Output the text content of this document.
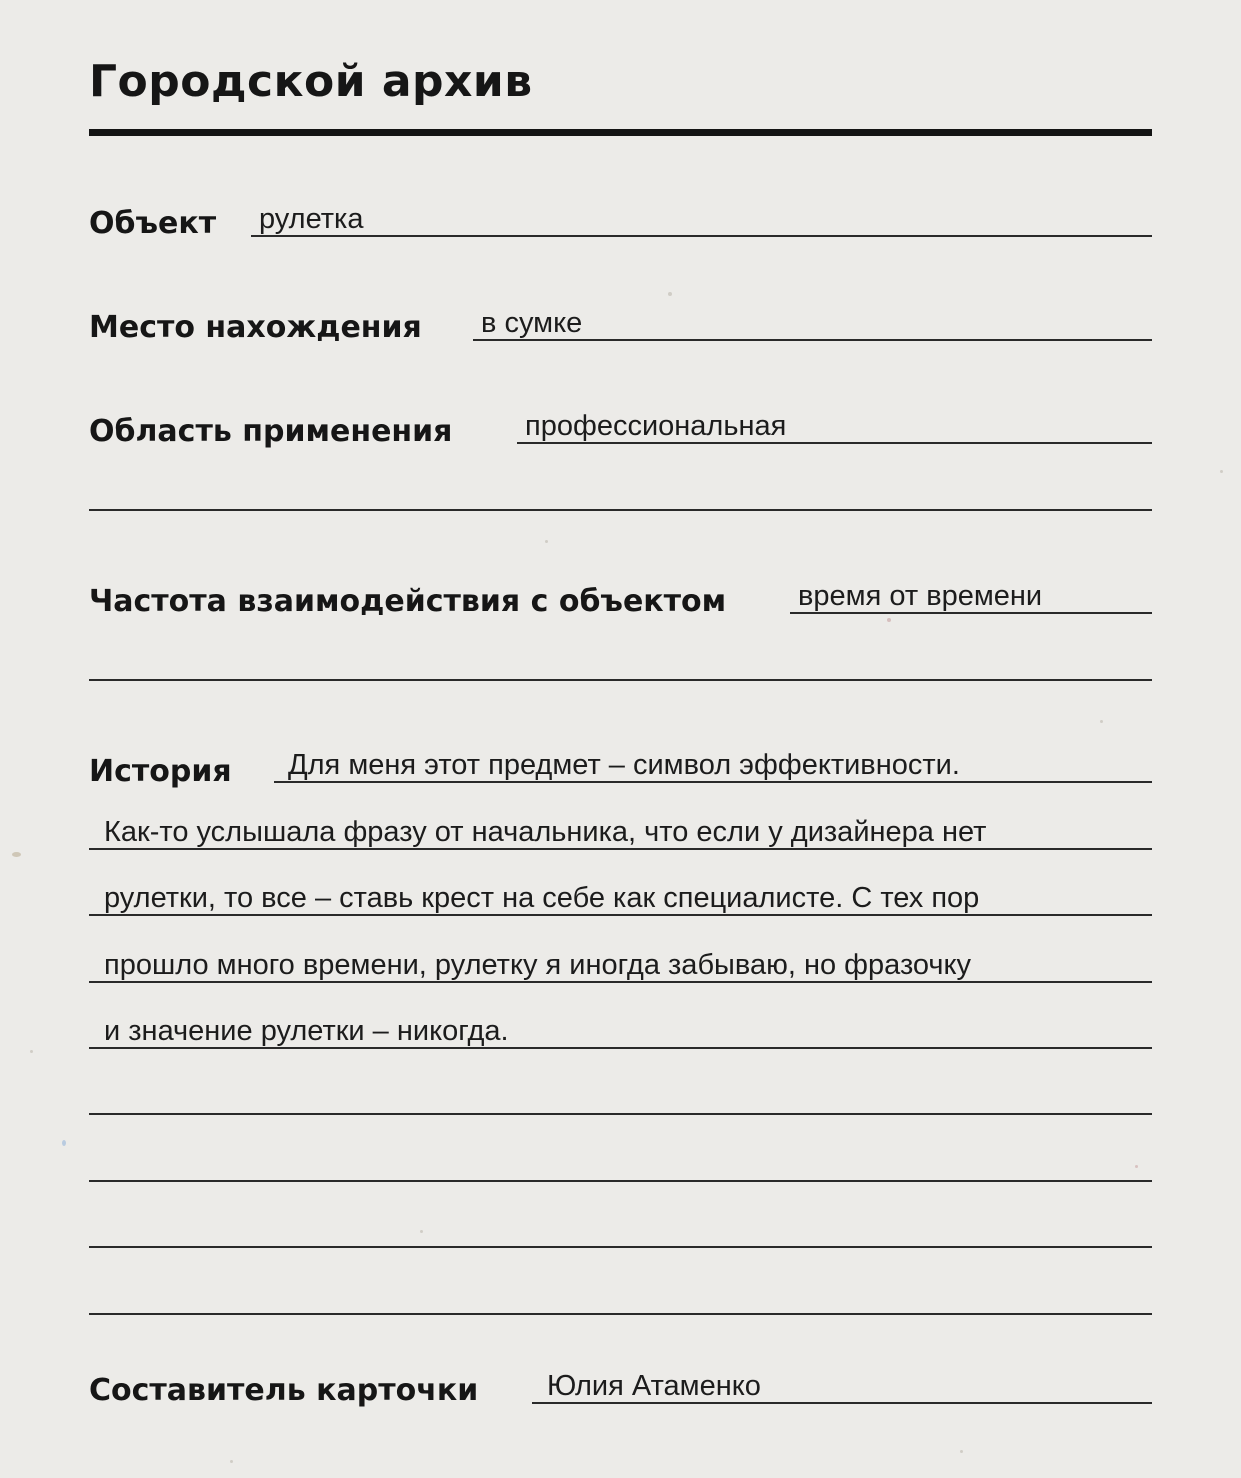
Городской архив
Объект рулетка
Место нахождения в сумке
Область применения	профессиональная
Частота взаимодействия с объектом время от времени
История Для меня этот предмет – символ эффективности.
Как-то услышала фразу от начальника, что если у дизайнера нет
рулетки, то все – ставь крест на себе как специалисте. С тех пор
прошло много времени, рулетку я иногда забываю, но фразочку
и значение рулетки – никогда.
Составитель карточки Юлия Атаменко
